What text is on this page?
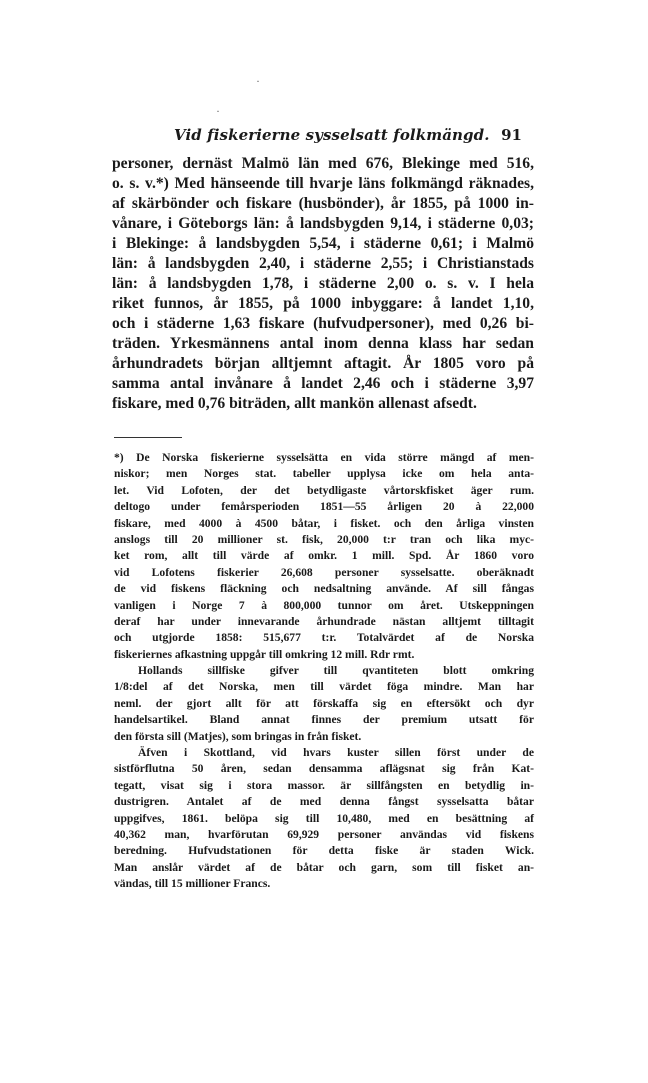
Vid fiskerierne sysselsatt folkmängd. 91
personer, dernäst Malmö län med 676, Blekinge med 516,
o. s. v.*) Med hänseende till hvarje läns folkmängd räknades,
af skärbönder och fiskare (husbönder), år 1855, på 1000 in-
vånare, i Göteborgs län: å landsbygden 9,14, i städerne 0,03;
i Blekinge: å landsbygden 5,54, i städerne 0,61; i Malmö
län: å landsbygden 2,40, i städerne 2,55; i Christianstads
län: å landsbygden 1,78, i städerne 2,00 o. s. v. I hela
riket funnos, år 1855, på 1000 inbyggare: å landet 1,10,
och i städerne 1,63 fiskare (hufvudpersoner), med 0,26 bi-
träden. Yrkesmännens antal inom denna klass har sedan
århundradets början alltjemnt aftagit. År 1805 voro på
samma antal invånare å landet 2,46 och i städerne 3,97
fiskare, med 0,76 biträden, allt mankön allenast afsedt.
*) De Norska fiskerierne sysselsätta en vida större mängd af men-
niskor; men Norges stat. tabeller upplysa icke om hela anta-
let. Vid Lofoten, der det betydligaste vårtorskfisket äger rum.
deltogo under femårsperioden 1851—55 årligen 20 à 22,000
fiskare, med 4000 à 4500 båtar, i fisket. och den årliga vinsten
anslogs till 20 millioner st. fisk, 20,000 t:r tran och lika myc-
ket rom, allt till värde af omkr. 1 mill. Spd. År 1860 voro
vid Lofotens fiskerier 26,608 personer sysselsatte. oberäknadt
de vid fiskens fläckning och nedsaltning använde. Af sill fångas
vanligen i Norge 7 à 800,000 tunnor om året. Utskeppningen
deraf har under innevarande århundrade nästan alltjemt tilltagit
och utgjorde 1858: 515,677 t:r. Totalvärdet af de Norska
fiskeriernes afkastning uppgår till omkring 12 mill. Rdr rmt.
Hollands sillfiske gifver till qvantiteten blott omkring
1/8:del af det Norska, men till värdet föga mindre. Man har
neml. der gjort allt för att förskaffa sig en eftersökt och dyr
handelsartikel. Bland annat finnes der premium utsatt för
den första sill (Matjes), som bringas in från fisket.
Äfven i Skottland, vid hvars kuster sillen först under de
sistförflutna 50 åren, sedan densamma aflägsnat sig från Kat-
tegatt, visat sig i stora massor. är sillfångsten en betydlig in-
dustrigren. Antalet af de med denna fångst sysselsatta båtar
uppgifves, 1861. belöpa sig till 10,480, med en besättning af
40,362 man, hvarförutan 69,929 personer användas vid fiskens
beredning. Hufvudstationen för detta fiske är staden Wick.
Man anslår värdet af de båtar och garn, som till fisket an-
vändas, till 15 millioner Francs.
·
·
